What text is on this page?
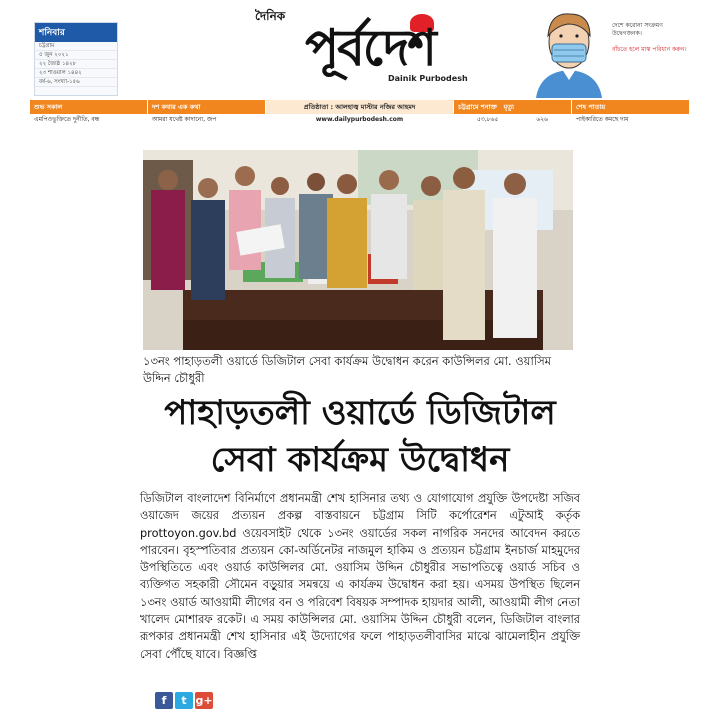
শনিবার
চট্টগ্রাম
৫ জুন ২০২১
২২ জ্যৈষ্ঠ ১৪২৮
২৩ শাওয়াল ১৪৪২
বর্ষ-৬, সংখ্যা-১৫৬
দৈনিক
পূর্বদেশ
Dainik Purbodesh
দেশে করোনা সংক্রমণ উদ্বেগজনক।
বাঁচতে হলে মাস্ক পরিধান করুন।
শুভ সকাল
এমপিওভুক্তিতে দুর্নীতি, বন্ধ
দশ কথার এক কথা
আমরা যথেষ্ট কাদানো, জপ
প্রতিষ্ঠাতা : আলহাজ্ব মাস্টার নজির আহমদ
www.dailypurbodesh.com
চট্টগ্রামে শনাক্ত মৃত্যু
৫৩,৮৬৫	৬২৬
শেষ পাতায়
পাইকারিতে কমছে দাম
১৩নং পাহাড়তলী ওয়ার্ডে ডিজিটাল সেবা কার্যক্রম উদ্বোধন করেন কাউন্সিলর মো. ওয়াসিম উদ্দিন চৌধুরী
পাহাড়তলী ওয়ার্ডে ডিজিটাল
সেবা কার্যক্রম উদ্বোধন
ডিজিটাল বাংলাদেশ বিনির্মাণে প্রধানমন্ত্রী শেখ হাসিনার তথ্য ও যোগাযোগ প্রযুক্তি উপদেষ্টা সজিব ওয়াজেদ জয়ের প্রত্যয়ন প্রকল্প বাস্তবায়নে চট্টগ্রাম সিটি কর্পোরেশন এটুআই কর্তৃক prottoyon.gov.bd ওয়েবসাইট থেকে ১৩নং ওয়ার্ডের সকল নাগরিক সনদের আবেদন করতে পারবেন। বৃহস্পতিবার প্রত্যয়ন কো-অর্ডিনেটর নাজমুল হাকিম ও প্রত্যয়ন চট্টগ্রাম ইনচার্জ মাহমুদের উপস্থিতিতে এবং ওয়ার্ড কাউন্সিলর মো. ওয়াসিম উদ্দিন চৌধুরীর সভাপতিত্বে ওয়ার্ড সচিব ও ব্যক্তিগত সহকারী সৌমেন বড়ুয়ার সমন্বয়ে এ কার্যক্রম উদ্বোধন করা হয়। এসময় উপস্থিত ছিলেন ১৩নং ওয়ার্ড আওয়ামী লীগের বন ও পরিবেশ বিষয়ক সম্পাদক হায়দার আলী, আওয়ামী লীগ নেতা খালেদ মোশারফ রকেট। এ সময় কাউন্সিলর মো. ওয়াসিম উদ্দিন চৌধুরী বলেন, ডিজিটাল বাংলার রূপকার প্রধানমন্ত্রী শেখ হাসিনার এই উদ্যোগের ফলে পাহাড়তলীবাসির মাঝে ঝামেলাহীন প্রযুক্তি সেবা পৌঁছে যাবে। বিজ্ঞপ্তি
f	t g+
